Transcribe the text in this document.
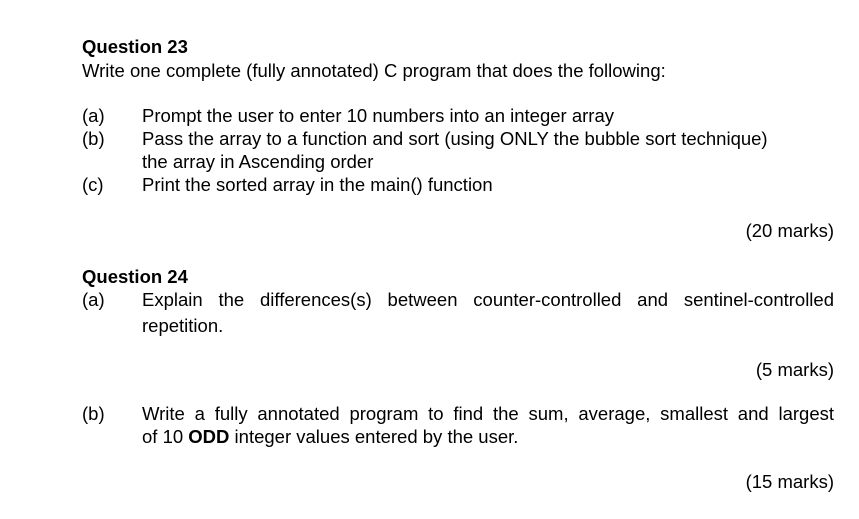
Question 23
Write one complete (fully annotated) C program that does the following:
(a) Prompt the user to enter 10 numbers into an integer array
(b) Pass the array to a function and sort (using ONLY the bubble sort technique)
the array in Ascending order
(c) Print the sorted array in the main() function
(20 marks)
Question 24
(a) Explain the differences(s) between counter-controlled and sentinel-controlled
repetition.
(5 marks)
(b) Write a fully annotated program to find the sum, average, smallest and largest
of 10 ODD integer values entered by the user.
(15 marks)
